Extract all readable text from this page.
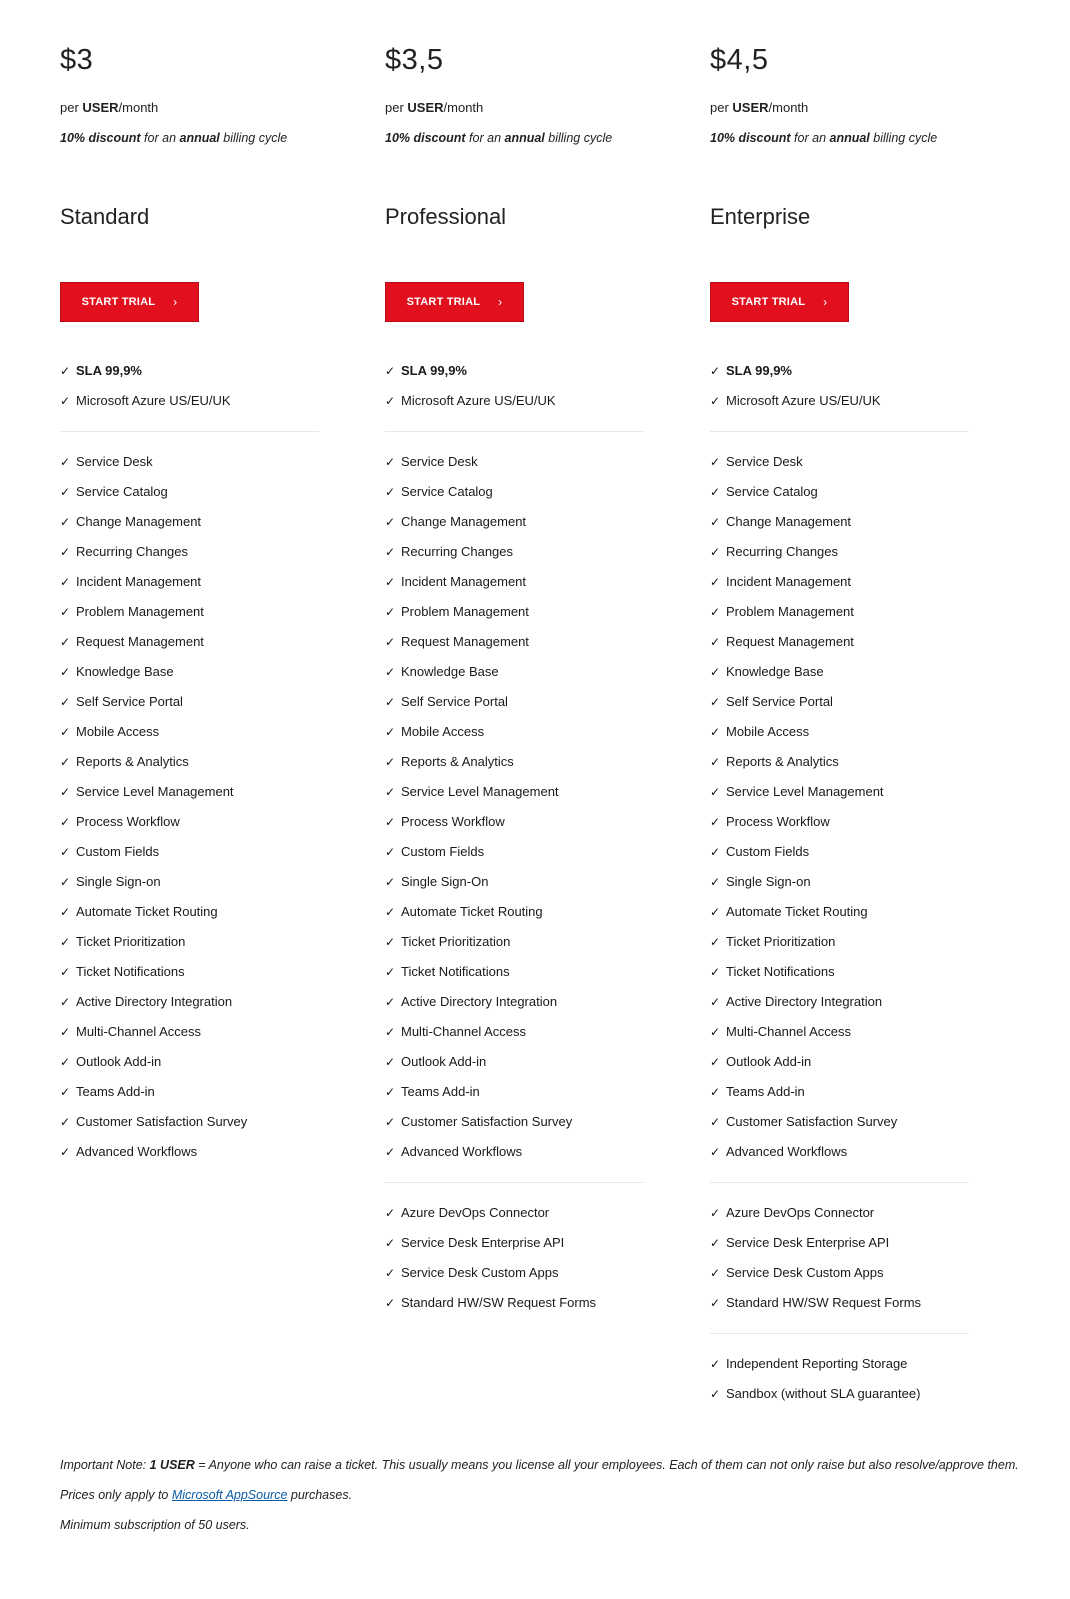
$3
per USER/month
10% discount for an annual billing cycle
Standard
START TRIAL ›
✓ SLA 99,9%
✓ Microsoft Azure US/EU/UK
✓ Service Desk
✓ Service Catalog
✓ Change Management
✓ Recurring Changes
✓ Incident Management
✓ Problem Management
✓ Request Management
✓ Knowledge Base
✓ Self Service Portal
✓ Mobile Access
✓ Reports & Analytics
✓ Service Level Management
✓ Process Workflow
✓ Custom Fields
✓ Single Sign-on
✓ Automate Ticket Routing
✓ Ticket Prioritization
✓ Ticket Notifications
✓ Active Directory Integration
✓ Multi-Channel Access
✓ Outlook Add-in
✓ Teams Add-in
✓ Customer Satisfaction Survey
✓ Advanced Workflows
$3,5
per USER/month
10% discount for an annual billing cycle
Professional
START TRIAL ›
✓ SLA 99,9%
✓ Microsoft Azure US/EU/UK
✓ Service Desk
✓ Service Catalog
✓ Change Management
✓ Recurring Changes
✓ Incident Management
✓ Problem Management
✓ Request Management
✓ Knowledge Base
✓ Self Service Portal
✓ Mobile Access
✓ Reports & Analytics
✓ Service Level Management
✓ Process Workflow
✓ Custom Fields
✓ Single Sign-On
✓ Automate Ticket Routing
✓ Ticket Prioritization
✓ Ticket Notifications
✓ Active Directory Integration
✓ Multi-Channel Access
✓ Outlook Add-in
✓ Teams Add-in
✓ Customer Satisfaction Survey
✓ Advanced Workflows
✓ Azure DevOps Connector
✓ Service Desk Enterprise API
✓ Service Desk Custom Apps
✓ Standard HW/SW Request Forms
$4,5
per USER/month
10% discount for an annual billing cycle
Enterprise
START TRIAL ›
✓ SLA 99,9%
✓ Microsoft Azure US/EU/UK
✓ Service Desk
✓ Service Catalog
✓ Change Management
✓ Recurring Changes
✓ Incident Management
✓ Problem Management
✓ Request Management
✓ Knowledge Base
✓ Self Service Portal
✓ Mobile Access
✓ Reports & Analytics
✓ Service Level Management
✓ Process Workflow
✓ Custom Fields
✓ Single Sign-on
✓ Automate Ticket Routing
✓ Ticket Prioritization
✓ Ticket Notifications
✓ Active Directory Integration
✓ Multi-Channel Access
✓ Outlook Add-in
✓ Teams Add-in
✓ Customer Satisfaction Survey
✓ Advanced Workflows
✓ Azure DevOps Connector
✓ Service Desk Enterprise API
✓ Service Desk Custom Apps
✓ Standard HW/SW Request Forms
✓ Independent Reporting Storage
✓ Sandbox (without SLA guarantee)
Important Note: 1 USER = Anyone who can raise a ticket. This usually means you license all your employees. Each of them can not only raise but also resolve/approve them.
Prices only apply to Microsoft AppSource purchases.
Minimum subscription of 50 users.
